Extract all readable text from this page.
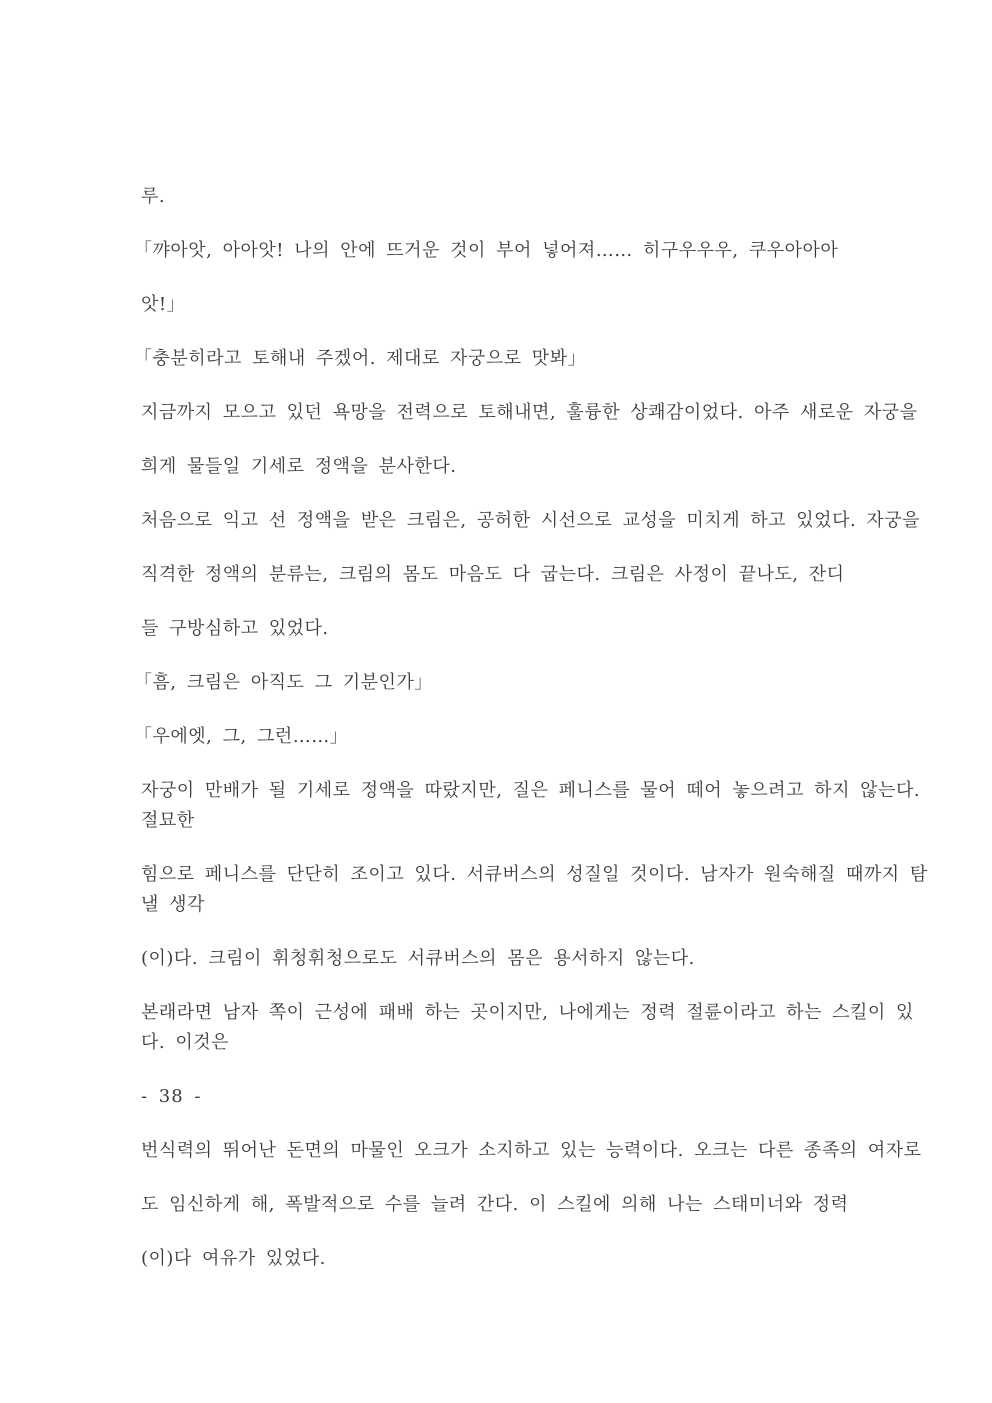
루.
「꺄아앗, 아아앗! 나의 안에 뜨거운 것이 부어 넣어져…… 히구우우우, 쿠우아아아
앗!」
「충분히라고 토해내 주겠어. 제대로 자궁으로 맛봐」
지금까지 모으고 있던 욕망을 전력으로 토해내면, 훌륭한 상쾌감이었다. 아주 새로운 자궁을
희게 물들일 기세로 정액을 분사한다.
처음으로 익고 선 정액을 받은 크림은, 공허한 시선으로 교성을 미치게 하고 있었다. 자궁을
직격한 정액의 분류는, 크림의 몸도 마음도 다 굽는다. 크림은 사정이 끝나도, 잔디
들 구방심하고 있었다.
「흠, 크림은 아직도 그 기분인가」
「우에엣, 그, 그런……」
자궁이 만배가 될 기세로 정액을 따랐지만, 질은 페니스를 물어 떼어 놓으려고 하지 않는다.
절묘한
힘으로 페니스를 단단히 조이고 있다. 서큐버스의 성질일 것이다. 남자가 원숙해질 때까지 탐
낼 생각
(이)다. 크림이 휘청휘청으로도 서큐버스의 몸은 용서하지 않는다.
본래라면 남자 쪽이 근성에 패배 하는 곳이지만, 나에게는 정력 절륜이라고 하는 스킬이 있
다. 이것은
- 38 -
번식력의 뛰어난 돈면의 마물인 오크가 소지하고 있는 능력이다. 오크는 다른 종족의 여자로
도 임신하게 해, 폭발적으로 수를 늘려 간다. 이 스킬에 의해 나는 스태미너와 정력
(이)다 여유가 있었다.
